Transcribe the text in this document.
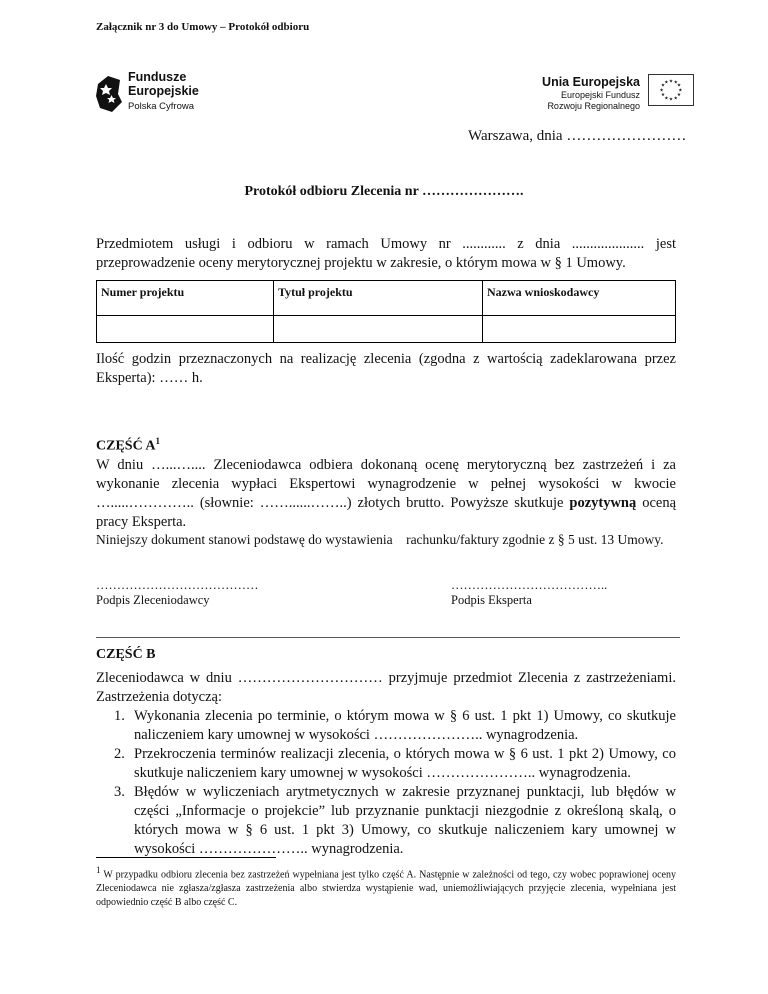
Załącznik nr 3 do Umowy – Protokół odbioru
Fundusze
Europejskie
Polska Cyfrowa
Unia Europejska
Europejski Fundusz
Rozwoju Regionalnego
★ ★
★
★
★
★
★
★
★
★
★
★
Warszawa, dnia ……………………
Protokół odbioru Zlecenia nr ………………….

Przedmiotem usługi i odbioru w ramach Umowy nr ............ z dnia .................... jest przeprowadzenie oceny merytorycznej projektu w zakresie, o którym mowa w § 1 Umowy.

Numer projektu	Tytuł projektu	Nazwa wnioskodawcy

Ilość godzin przeznaczonych na realizację zlecenia (zgodna z wartością zadeklarowana przez Eksperta): …… h.

CZĘŚĆ $A^1$

W dniu …...….... Zleceniodawca odbiera dokonaną ocenę merytoryczną bez zastrzeżeń i za wykonanie zlecenia wypłaci Ekspertowi wynagrodzenie w pełnej wysokości w kwocie ….....………….. (słownie: ……......……..) złotych brutto. Powyższe skutkuje pozytywną oceną pracy Eksperta.

Niniejszy dokument stanowi podstawę do wystawienia    rachunku/faktury zgodnie z § 5 ust. 13 Umowy.
…………………………………
Podpis Zleceniodawcy
………………………………..
Podpis Eksperta
CZĘŚĆ B

Zleceniodawca w dniu ………………………… przyjmuje przedmiot Zlecenia z zastrzeżeniami. Zastrzeżenia dotyczą:

1. Wykonania zlecenia po terminie, o którym mowa w § 6 ust. 1 pkt 1) Umowy, co skutkuje naliczeniem kary umownej w wysokości ………………….. wynagrodzenia.
2. Przekroczenia terminów realizacji zlecenia, o których mowa w § 6 ust. 1 pkt 2) Umowy, co skutkuje naliczeniem kary umownej w wysokości ………………….. wynagrodzenia.
3. Błędów w wyliczeniach arytmetycznych w zakresie przyznanej punktacji, lub błędów w części „Informacje o projekcie” lub przyznanie punktacji niezgodnie z określoną skalą, o których mowa w § 6 ust. 1 pkt 3) Umowy, co skutkuje naliczeniem kary umownej w wysokości ………………….. wynagrodzenia.
$^1$ W przypadku odbioru zlecenia bez zastrzeżeń wypełniana jest tylko część A. Następnie w zależności od tego, czy wobec poprawionej oceny Zleceniodawca nie zgłasza/zgłasza zastrzeżenia albo stwierdza wystąpienie wad, uniemożliwiających przyjęcie zlecenia, wypełniana jest odpowiednio część B albo część C.
